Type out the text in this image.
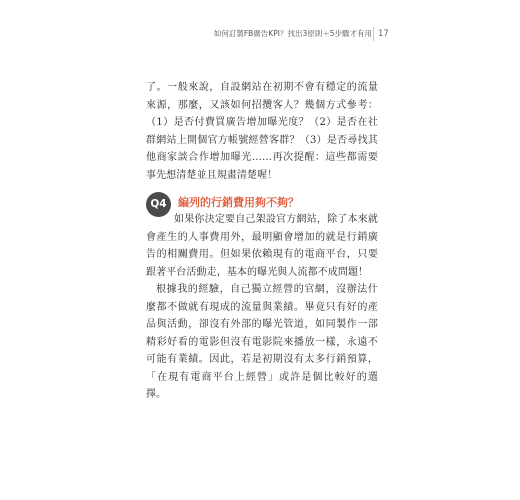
如何訂製FB廣告KPI？找出3原則＋5步驟才有用 17

了。一般來說，自設網站在初期不會有穩定的流量來源，那麼，又該如何招攬客人？幾個方式參考：（1）是否付費買廣告增加曝光度？（2）是否在社群網站上開個官方帳號經營客群？（3）是否尋找其他商家談合作增加曝光……再次提醒：這些都需要事先想清楚並且規畫清楚喔！

Q4	編列的行銷費用夠不夠？

如果你決定要自己架設官方網站，除了本來就會產生的人事費用外，最明顯會增加的就是行銷廣告的相關費用。但如果依賴現有的電商平台，只要跟著平台活動走，基本的曝光與人流都不成問題！

根據我的經驗，自己獨立經營的官網，沒辦法什麼都不做就有現成的流量與業績。畢竟只有好的產品與活動，卻沒有外部的曝光管道，如同製作一部精彩好看的電影但沒有電影院來播放一樣，永遠不可能有業績。因此，若是初期沒有太多行銷預算，「在現有電商平台上經營」或許是個比較好的選擇。
